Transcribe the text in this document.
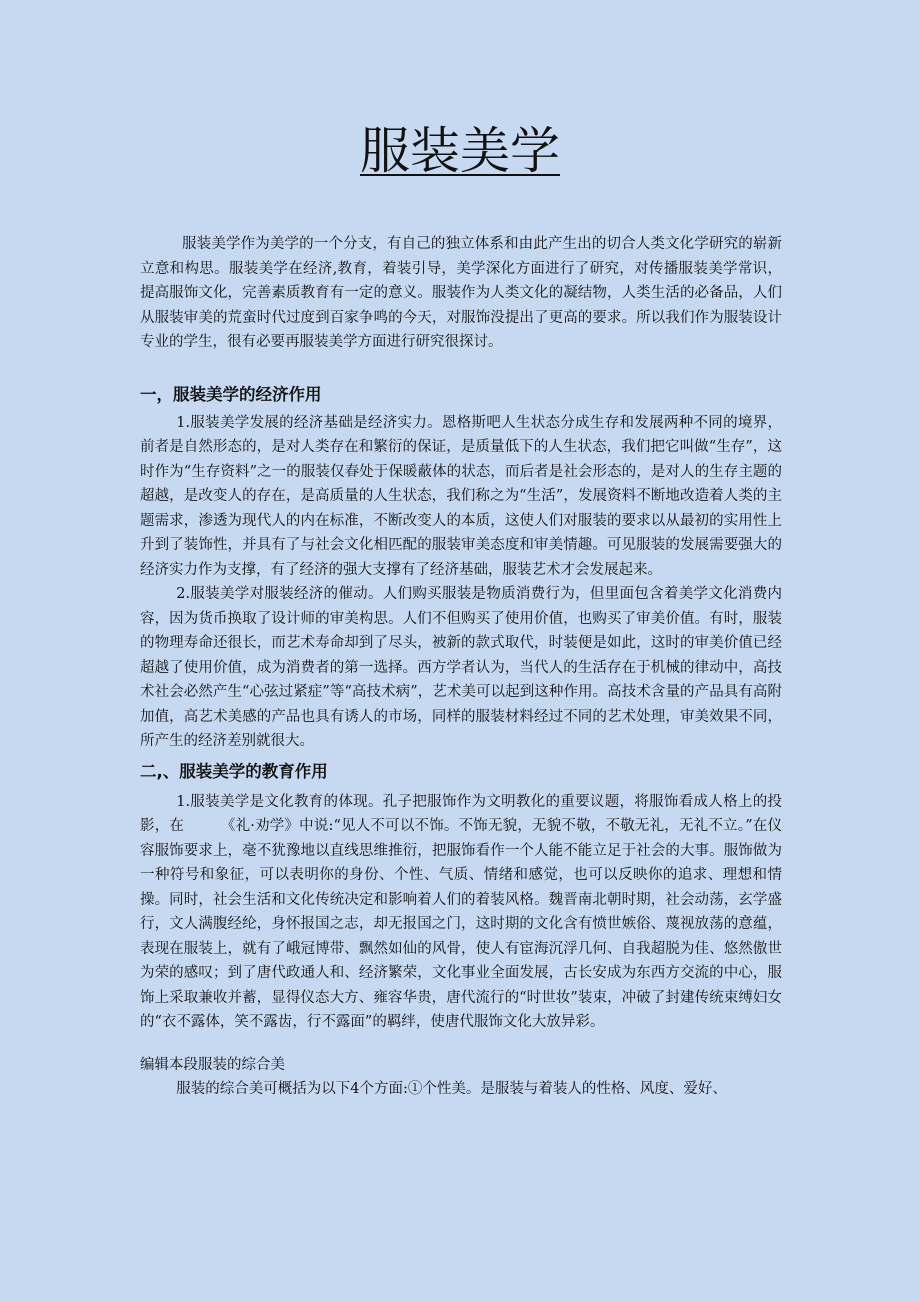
服装美学

服装美学作为美学的一个分支，有自己的独立体系和由此产生出的切合人类文化学研究的崭新立意和构思。服装美学在经济,教育，着装引导，美学深化方面进行了研究，对传播服装美学常识，提高服饰文化，完善素质教育有一定的意义。服装作为人类文化的凝结物，人类生活的必备品，人们从服装审美的荒蛮时代过度到百家争鸣的今天，对服饰没提出了更高的要求。所以我们作为服装设计专业的学生，很有必要再服装美学方面进行研究很探讨。

一，服装美学的经济作用

1.服装美学发展的经济基础是经济实力。恩格斯吧人生状态分成生存和发展两种不同的境界，前者是自然形态的，是对人类存在和繁衍的保证，是质量低下的人生状态，我们把它叫做“生存”，这时作为“生存资料”之一的服装仅春处于保暖蔽体的状态，而后者是社会形态的，是对人的生存主题的超越，是改变人的存在，是高质量的人生状态，我们称之为“生活”，发展资料不断地改造着人类的主题需求，渗透为现代人的内在标准，不断改变人的本质，这使人们对服装的要求以从最初的实用性上升到了装饰性，并具有了与社会文化相匹配的服装审美态度和审美情趣。可见服装的发展需要强大的经济实力作为支撑，有了经济的强大支撑有了经济基础，服装艺术才会发展起来。

2.服装美学对服装经济的催动。人们购买服装是物质消费行为，但里面包含着美学文化消费内容，因为货币换取了设计师的审美构思。人们不但购买了使用价值，也购买了审美价值。有时，服装的物理寿命还很长，而艺术寿命却到了尽头，被新的款式取代，时装便是如此，这时的审美价值已经超越了使用价值，成为消费者的第一选择。西方学者认为，当代人的生活存在于机械的律动中，高技术社会必然产生“心弦过紧症”等“高技术病”，艺术美可以起到这种作用。高技术含量的产品具有高附加值，高艺术美感的产品也具有诱人的市场，同样的服装材料经过不同的艺术处理，审美效果不同，所产生的经济差别就很大。

二,、服装美学的教育作用

1.服装美学是文化教育的体现。孔子把服饰作为文明教化的重要议题，将服饰看成人格上的投影，在　　　《礼·劝学》中说:“见人不可以不饰。不饰无貌，无貌不敬，不敬无礼，无礼不立。”在仪容服饰要求上，毫不犹豫地以直线思维推衍，把服饰看作一个人能不能立足于社会的大事。服饰做为一种符号和象征，可以表明你的身份、个性、气质、情绪和感觉，也可以反映你的追求、理想和情操。同时，社会生活和文化传统决定和影响着人们的着装风格。魏晋南北朝时期，社会动荡，玄学盛行，文人满腹经纶，身怀报国之志，却无报国之门，这时期的文化含有愤世嫉俗、蔑视放荡的意蕴，表现在服装上，就有了峨冠博带、飘然如仙的风骨，使人有宦海沉浮几何、自我超脱为佳、悠然傲世为荣的感叹；到了唐代政通人和、经济繁荣，文化事业全面发展，古长安成为东西方交流的中心，服饰上采取兼收并蓄，显得仪态大方、雍容华贵，唐代流行的“时世妆”装束，冲破了封建传统束缚妇女的“衣不露体，笑不露齿，行不露面”的羁绊，使唐代服饰文化大放异彩。

编辑本段服装的综合美

服装的综合美可概括为以下4个方面:①个性美。是服装与着装人的性格、风度、爱好、
